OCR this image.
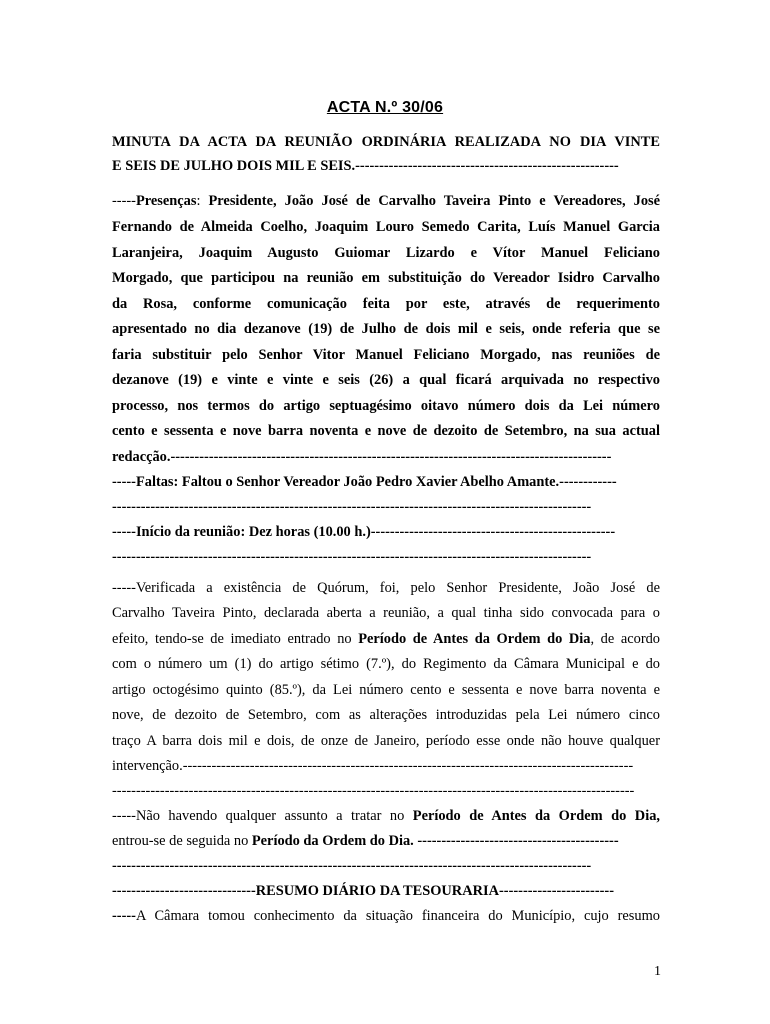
ACTA N.º 30/06
MINUTA DA ACTA DA REUNIÃO ORDINÁRIA REALIZADA NO DIA VINTE
E SEIS DE JULHO DOIS MIL E SEIS.-------------------------------------------------------
-----Presenças: Presidente, João José de Carvalho Taveira Pinto e Vereadores, José
Fernando de Almeida Coelho, Joaquim Louro Semedo Carita, Luís Manuel Garcia
Laranjeira, Joaquim Augusto Guiomar Lizardo e Vítor Manuel Feliciano
Morgado, que participou na reunião em substituição do Vereador Isidro Carvalho
da Rosa, conforme comunicação feita por este, através de requerimento
apresentado no dia dezanove (19) de Julho de dois mil e seis, onde referia que se
faria substituir pelo Senhor Vitor Manuel Feliciano Morgado, nas reuniões de
dezanove (19) e vinte e vinte e seis (26) a qual ficará arquivada no respectivo
processo, nos termos do artigo septuagésimo oitavo número dois da Lei número
cento e sessenta e nove barra noventa e nove de dezoito de Setembro, na sua actual
redacção.--------------------------------------------------------------------------------------------
-----Faltas: Faltou o Senhor Vereador João Pedro Xavier Abelho Amante.------------
----------------------------------------------------------------------------------------------------
-----Início da reunião: Dez horas (10.00 h.)---------------------------------------------------
----------------------------------------------------------------------------------------------------
-----Verificada a existência de Quórum, foi, pelo Senhor Presidente, João José de
Carvalho Taveira Pinto, declarada aberta a reunião, a qual tinha sido convocada para o
efeito, tendo-se de imediato entrado no Período de Antes da Ordem do Dia, de acordo
com o número um (1) do artigo sétimo (7.º), do Regimento da Câmara Municipal e do
artigo octogésimo quinto (85.º), da Lei número cento e sessenta e nove barra noventa e
nove, de dezoito de Setembro, com as alterações introduzidas pela Lei número cinco
traço A barra dois mil e dois, de onze de Janeiro, período esse onde não houve qualquer
intervenção.----------------------------------------------------------------------------------------------
-------------------------------------------------------------------------------------------------------------
-----Não havendo qualquer assunto a tratar no Período de Antes da Ordem do Dia,
entrou-se de seguida no Período da Ordem do Dia. ------------------------------------------
----------------------------------------------------------------------------------------------------
------------------------------RESUMO DIÁRIO DA TESOURARIA------------------------
-----A Câmara tomou conhecimento da situação financeira do Município, cujo resumo
1
